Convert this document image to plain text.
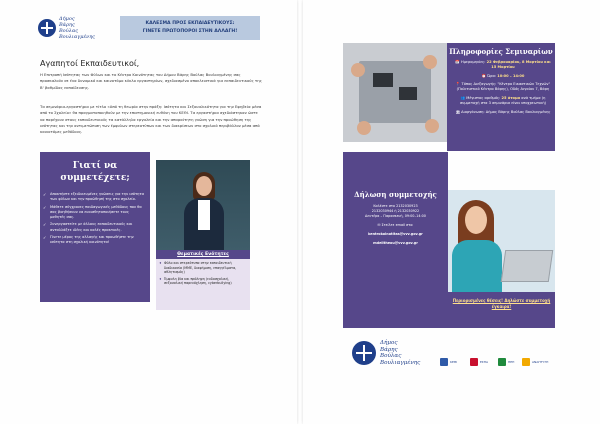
Δήμος
Βάρης
Βούλας
Βουλιαγμένης
ΚΑΛΕΣΜΑ ΠΡΟΣ ΕΚΠΑΙΔΕΥΤΙΚΟΥΣ:
ΓΙΝΕΤΕ ΠΡΩΤΟΠΟΡΟΙ ΣΤΗΝ ΑΛΛΑΓΗ!
Αγαπητοί Εκπαιδευτικοί,
Η Επιτροπή Ισότητας των Φύλων και το Κέντρο Κοινότητας του Δήμου Βάρης Βούλας Βουλιαγμένης σας προσκαλούν σε ένα δυναμικό και καινοτόμο κύκλο εργαστηρίων, σχεδιασμένο αποκλειστικά για εκπαιδευτικούς της Β' βαθμίδας εκπαίδευσης.
Τα σεμινάρια-εργαστήρια με τίτλο «Από τη θεωρία στην πράξη: Ισότητα και Σεξουαλικότητα για την Εφηβεία μέσα από το Σχολείο» θα πραγματοποιηθούν με την επιστημονική ευθύνη του ΚΕΘΙ. Τα εργαστήρια σχεδιάστηκαν ώστε να παρέχουν στους εκπαιδευτικούς τα κατάλληλα εργαλεία και την απαραίτητη γνώση για την προώθηση της ισότητας και την αντιμετώπιση των έμφυλων στερεοτύπων και των διακρίσεων στο σχολικό περιβάλλον μέσα από καινοτόμες μεθόδους.
Γιατί να συμμετέχετε;
✓ Αποκτήστε εξειδικευμένες γνώσεις για την ισότητα των φύλων και την προώθησή της στο σχολείο.
✓ Μάθετε σύγχρονες παιδαγωγικές μεθόδους που θα σας βοηθήσουν να ευαισθητοποιήσετε τους μαθητές σας.
✓ Συνεργαστείτε με άλλους εκπαιδευτικούς και ανταλλάξτε ιδέες και καλές πρακτικές.
✓ Γίνετε μέρος της αλλαγής και προωθήστε την ισότητα στη σχολική κοινότητα!
Θεματικές Ενότητες
♦ Φύλο και στερεότυπα στην εκπαιδευτική διαδικασία (ΜΜΕ, διαφήμιση, επαγγέλματα, αθλητισμός)
♦ Έμφυλη βία και πρόληψη (ενδοσχολική, σεξουαλική παρενόχληση, cyberbullying)
Πληροφορίες Σεμιναρίων
📅 Ημερομηνίες: 22 Φεβρουαρίου, 8 Μαρτίου και 15 Μαρτίου
⏰ Ώρα: 10:00 – 14:00
📍 Τόπος Διεξαγωγής: "Κέντρο Εικαστικών Τεχνών" (Πολιτιστικό Κέντρο Βάρης), Οδός Αιγαίου 7, Βάρη
👥 Μέγιστος αριθμός: 25 άτομα ανά τμήμα (η συμμετοχή στα 3 σεμινάρια είναι υποχρεωτική)
🏛 Διοργάνωση: Δήμος Βάρης Βούλας Βουλιαγμένης
Δήλωση συμμετοχής
Καλέστε στο 2132030923
2132030944 ή 2132030922
Δευτέρα – Παρασκευή, 09:00–14:00
✉ Στείλτε email στο:
kentrokoinotitas@vvv.gov.gr
mdelitheou@vvv.gov.gr
Περιορισμένες θέσεις! Δηλώστε συμμετοχή έγκαιρα!
Δήμος
Βάρης
Βούλας
Βουλιαγμένης	ΚΕΘΙ	ΕΣΠΑ	ΠΕΠ	ΑΝΑΠΤΥΞΗ
